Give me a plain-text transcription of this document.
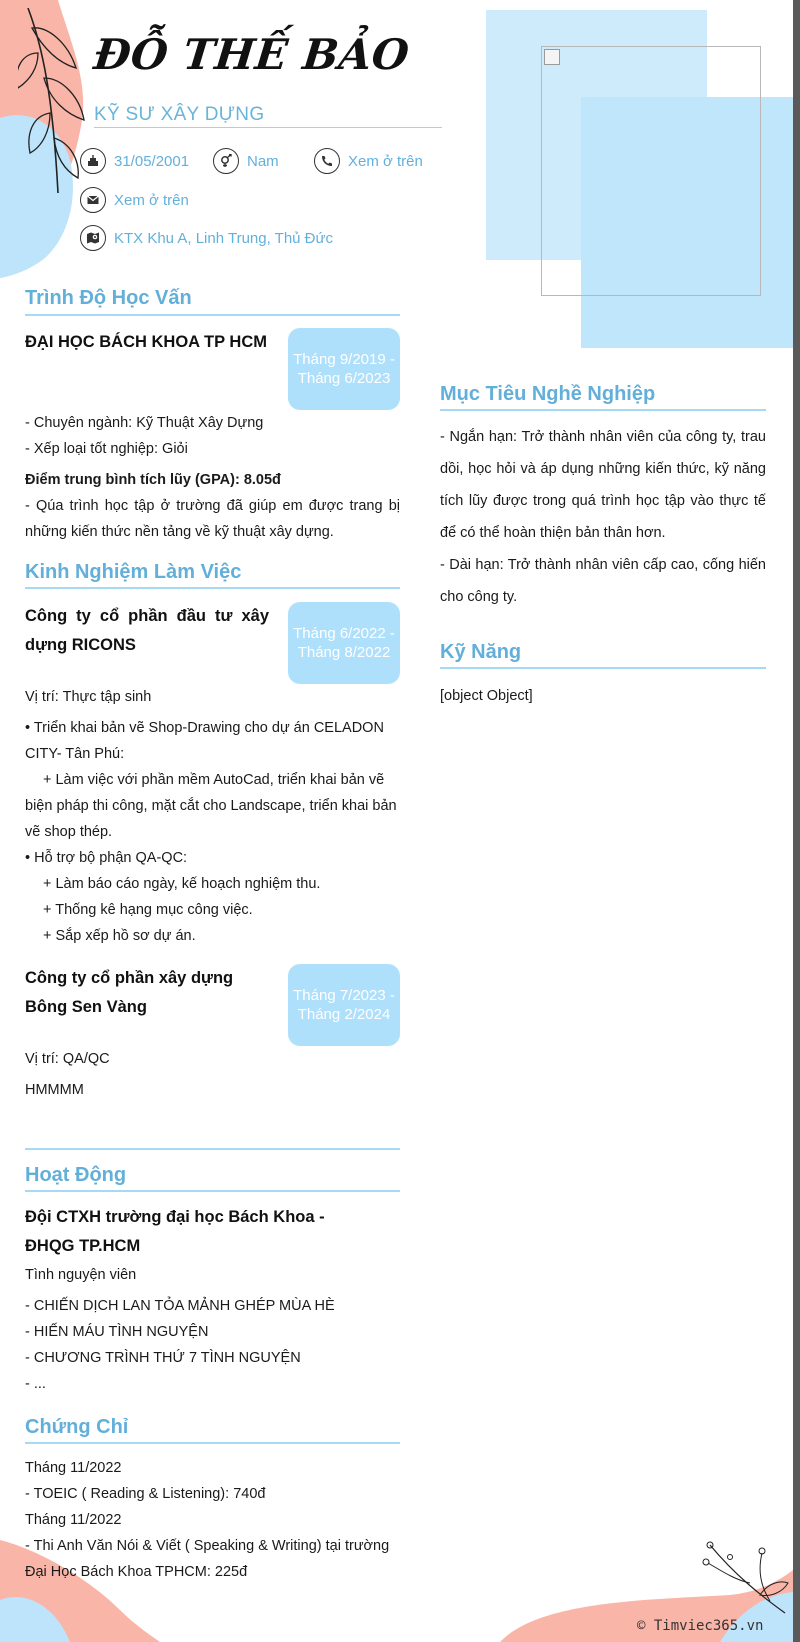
ĐỖ THẾ BẢO
KỸ SƯ XÂY DỰNG
31/05/2001	Nam	Xem ở trên
Xem ở trên
KTX Khu A, Linh Trung, Thủ Đức
Trình Độ Học Vấn
ĐẠI HỌC BÁCH KHOA TP HCM
Tháng 9/2019 - Tháng 6/2023
- Chuyên ngành: Kỹ Thuật Xây Dựng
- Xếp loại tốt nghiệp: Giỏi
Điểm trung bình tích lũy (GPA): 8.05đ
- Qúa trình học tập ở trường đã giúp em được trang bị những kiến thức nền tảng về kỹ thuật xây dựng.
Kinh Nghiệm Làm Việc
Công ty cổ phần đầu tư xây dựng RICONS
Tháng 6/2022 - Tháng 8/2022
Vị trí: Thực tập sinh
• Triển khai bản vẽ Shop-Drawing cho dự án CELADON CITY- Tân Phú:
+ Làm việc với phần mềm AutoCad, triển khai bản vẽ biện pháp thi công, mặt cắt cho Landscape, triển khai bản vẽ shop thép.
• Hỗ trợ bộ phận QA-QC:
+ Làm báo cáo ngày, kế hoạch nghiệm thu.
+ Thống kê hạng mục công việc.
+ Sắp xếp hồ sơ dự án.
Công ty cổ phần xây dựng Bông Sen Vàng
Tháng 7/2023 - Tháng 2/2024
Vị trí: QA/QC
HMMMM
Hoạt Động
Đội CTXH trường đại học Bách Khoa - ĐHQG TP.HCM
Tình nguyện viên
- CHIẾN DỊCH LAN TỎA MẢNH GHÉP MÙA HÈ
- HIẾN MÁU TÌNH NGUYỆN
- CHƯƠNG TRÌNH THỨ 7 TÌNH NGUYỆN
- ...
Chứng Chỉ
Tháng 11/2022
- TOEIC ( Reading & Listening): 740đ
Tháng 11/2022
- Thi Anh Văn Nói & Viết ( Speaking & Writing) tại trường Đại Học Bách Khoa TPHCM: 225đ
Mục Tiêu Nghề Nghiệp
- Ngắn hạn: Trở thành nhân viên của công ty, trau dồi, học hỏi và áp dụng những kiến thức, kỹ năng tích lũy được trong quá trình học tập vào thực tế để có thể hoàn thiện bản thân hơn.
- Dài hạn: Trở thành nhân viên cấp cao, cống hiến cho công ty.
Kỹ Năng
[object Object]
© Timviec365.vn
